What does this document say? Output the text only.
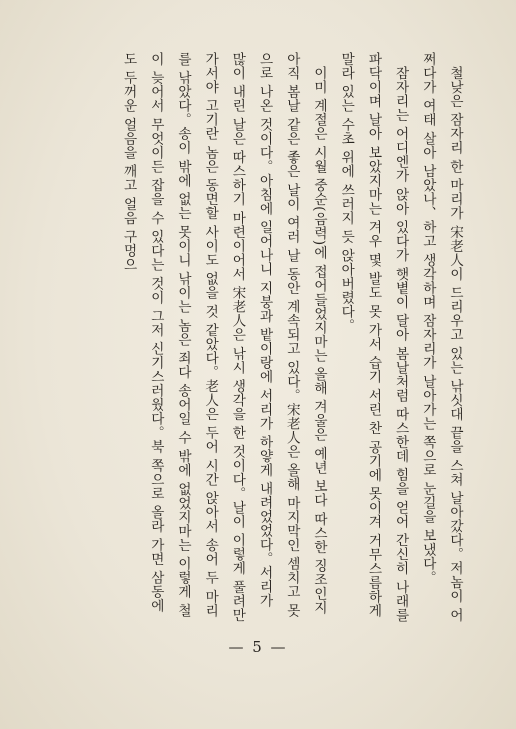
철낮은 잠자리 한 마리가 宋老人이 드리우고 있는 낚싯대 끝을 스쳐 날아갔다。저놈이 어쩌다가 여태 살아 남았나、하고 생각하며 잠자리가 날아가는 쪽으로 눈길을 보냈다。

잠자리는 어디엔가 앉아 있다가 햇볕이 달아 봄날처럼 따스한데 힘을 얻어 간신히 나래를 파닥이며 날아 보았지마는 겨우 몇 발도 못 가서 습기 서린 찬 공기에 못이겨 거무스름하게 말라 있는 수초 위에 쓰러지 듯 앉아버렸다。

이미 계절은 시월 중순(음력)에 접어들었지마는 올해 겨울은 예년 보다 따스한 징조인지 아직 봄날 같은 좋은 날이 여러 날 동안 계속되고 있다。宋老人은 올해 마지막인 셈치고 못으로 나온 것이다。아침에 일어나니 지붕과 밭이랑에 서리가 하얗게 내려었었다。서리가 많이 내린 날은 따스하기 마련이어서 宋老人은 낚시 생각을 한 것이다。날이 이렇게 풀려만 가서야 고기란 놈은 동면할 사이도 없을 것 같았다。老人은 두어 시간 앉아서 송어 두 마리를 낚았다。송이 밖에 없는 못이니 낚이는 놈은 죄다 송어일 수 밖에 없었지마는 이렇게 철이 늦어서 무엇이든 잡을 수 있다는 것이 그저 신기스러웠다。북 쪽으로 올라 가면 삼동에도 두꺼운 얼음을 깨고 얼음 구멍으

— 5 —
